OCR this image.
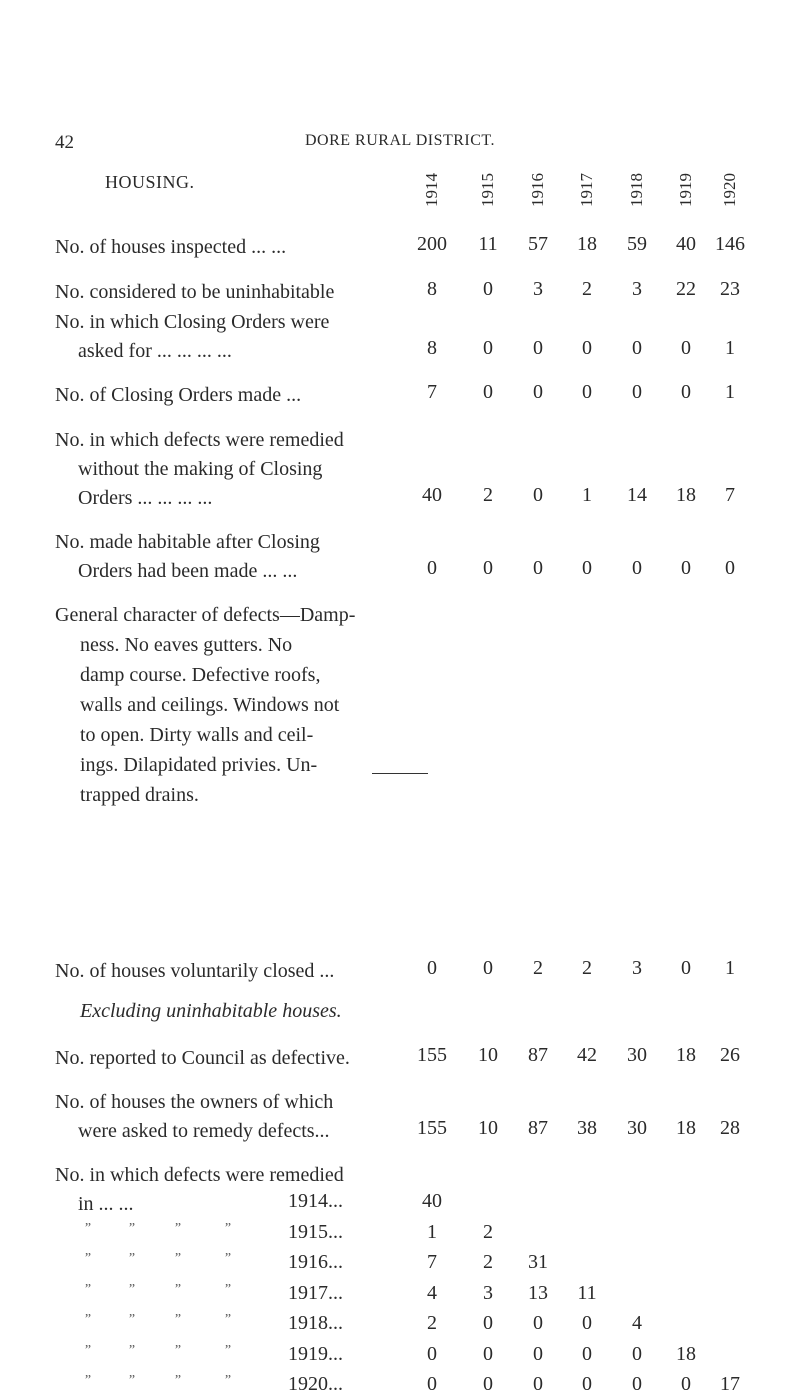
42	DORE RURAL DISTRICT.
HOUSING.	1914 1915 1916 1917 1918 1919 1920
No. of houses inspected ... ...	200	11	57	18	59	40 146
No. considered to be uninhabitable	8	0	3	2	3	22	23
No. in which Closing Orders were
asked for ... ... ... ...	8	0	0	0	0	0	1
No. of Closing Orders made ...	7	0	0	0	0	0	1
No. in which defects were remedied
without the making of Closing
Orders ... ... ... ...	40	2	0	1	14	18	7
No. made habitable after Closing
Orders had been made ... ...	0	0	0	0	0	0	0
General character of defects—Damp-
ness. No eaves gutters. No
damp course. Defective roofs,
walls and ceilings. Windows not
to open. Dirty walls and ceil-
ings. Dilapidated privies. Un-
trapped drains.
No. of houses voluntarily closed ...	0	0	2	2	3	0	1
No. reported to Council as defective.	155	10	87	42	30	18	26
No. of houses the owners of which
were asked to remedy defects...	155	10	87	38	30	18	28
No. in which defects were remedied
in ... ...	1914...	40
”	”	”	”	1915...	1	2
”	”	”	”	1916...	7	2	31
”	”	”	”	1917...	4	3	13	11
”	”	”	”	1918...	2	0	0	0	4
”	”	”	”	1919...	0	0	0	0	0	18
”	”	”	”	1920...	0	0	0	0	0	0	17
Excluding uninhabitable houses.
